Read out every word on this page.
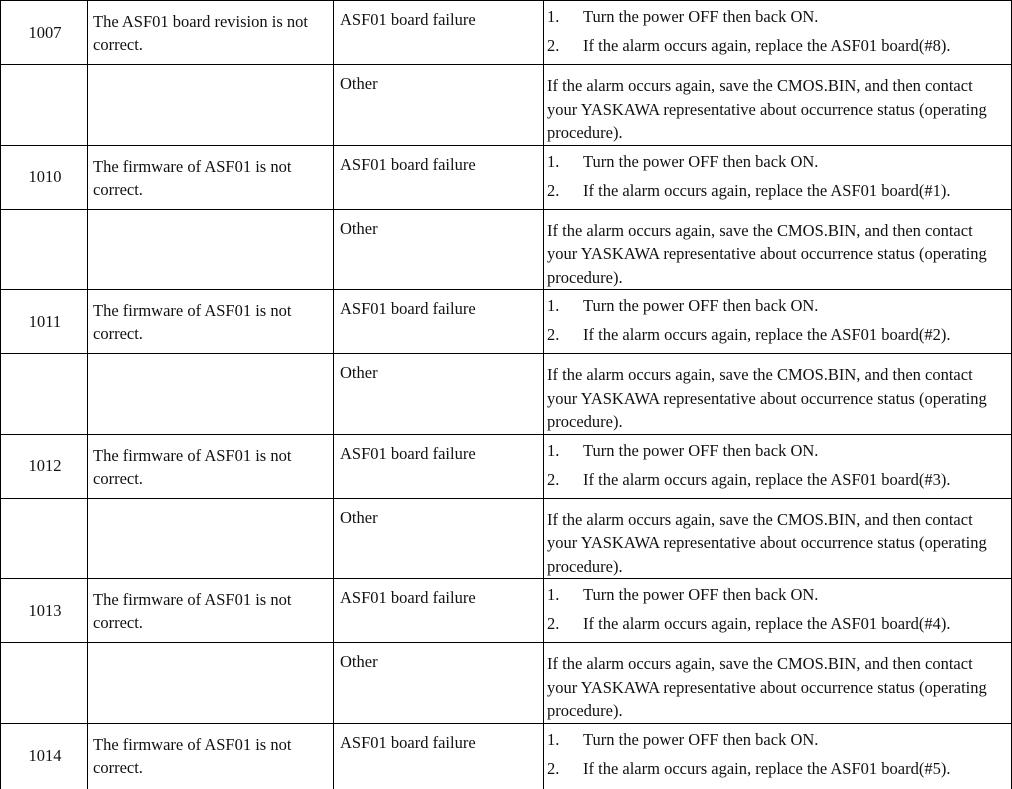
1007	The ASF01 board revision is not correct.	ASF01 board failure	1. Turn the power OFF then back ON.
2. If the alarm occurs again, replace the ASF01 board(#8).

		Other	If the alarm occurs again, save the CMOS.BIN, and then contact your YASKAWA representative about occurrence status (operating procedure).

1010	The firmware of ASF01 is not correct.	ASF01 board failure	1. Turn the power OFF then back ON.
2. If the alarm occurs again, replace the ASF01 board(#1).

		Other	If the alarm occurs again, save the CMOS.BIN, and then contact your YASKAWA representative about occurrence status (operating procedure).

1011	The firmware of ASF01 is not correct.	ASF01 board failure	1. Turn the power OFF then back ON.
2. If the alarm occurs again, replace the ASF01 board(#2).

		Other	If the alarm occurs again, save the CMOS.BIN, and then contact your YASKAWA representative about occurrence status (operating procedure).

1012	The firmware of ASF01 is not correct.	ASF01 board failure	1. Turn the power OFF then back ON.
2. If the alarm occurs again, replace the ASF01 board(#3).

		Other	If the alarm occurs again, save the CMOS.BIN, and then contact your YASKAWA representative about occurrence status (operating procedure).

1013	The firmware of ASF01 is not correct.	ASF01 board failure	1. Turn the power OFF then back ON.
2. If the alarm occurs again, replace the ASF01 board(#4).

		Other	If the alarm occurs again, save the CMOS.BIN, and then contact your YASKAWA representative about occurrence status (operating procedure).

1014	The firmware of ASF01 is not correct.	ASF01 board failure	1. Turn the power OFF then back ON.
2. If the alarm occurs again, replace the ASF01 board(#5).
